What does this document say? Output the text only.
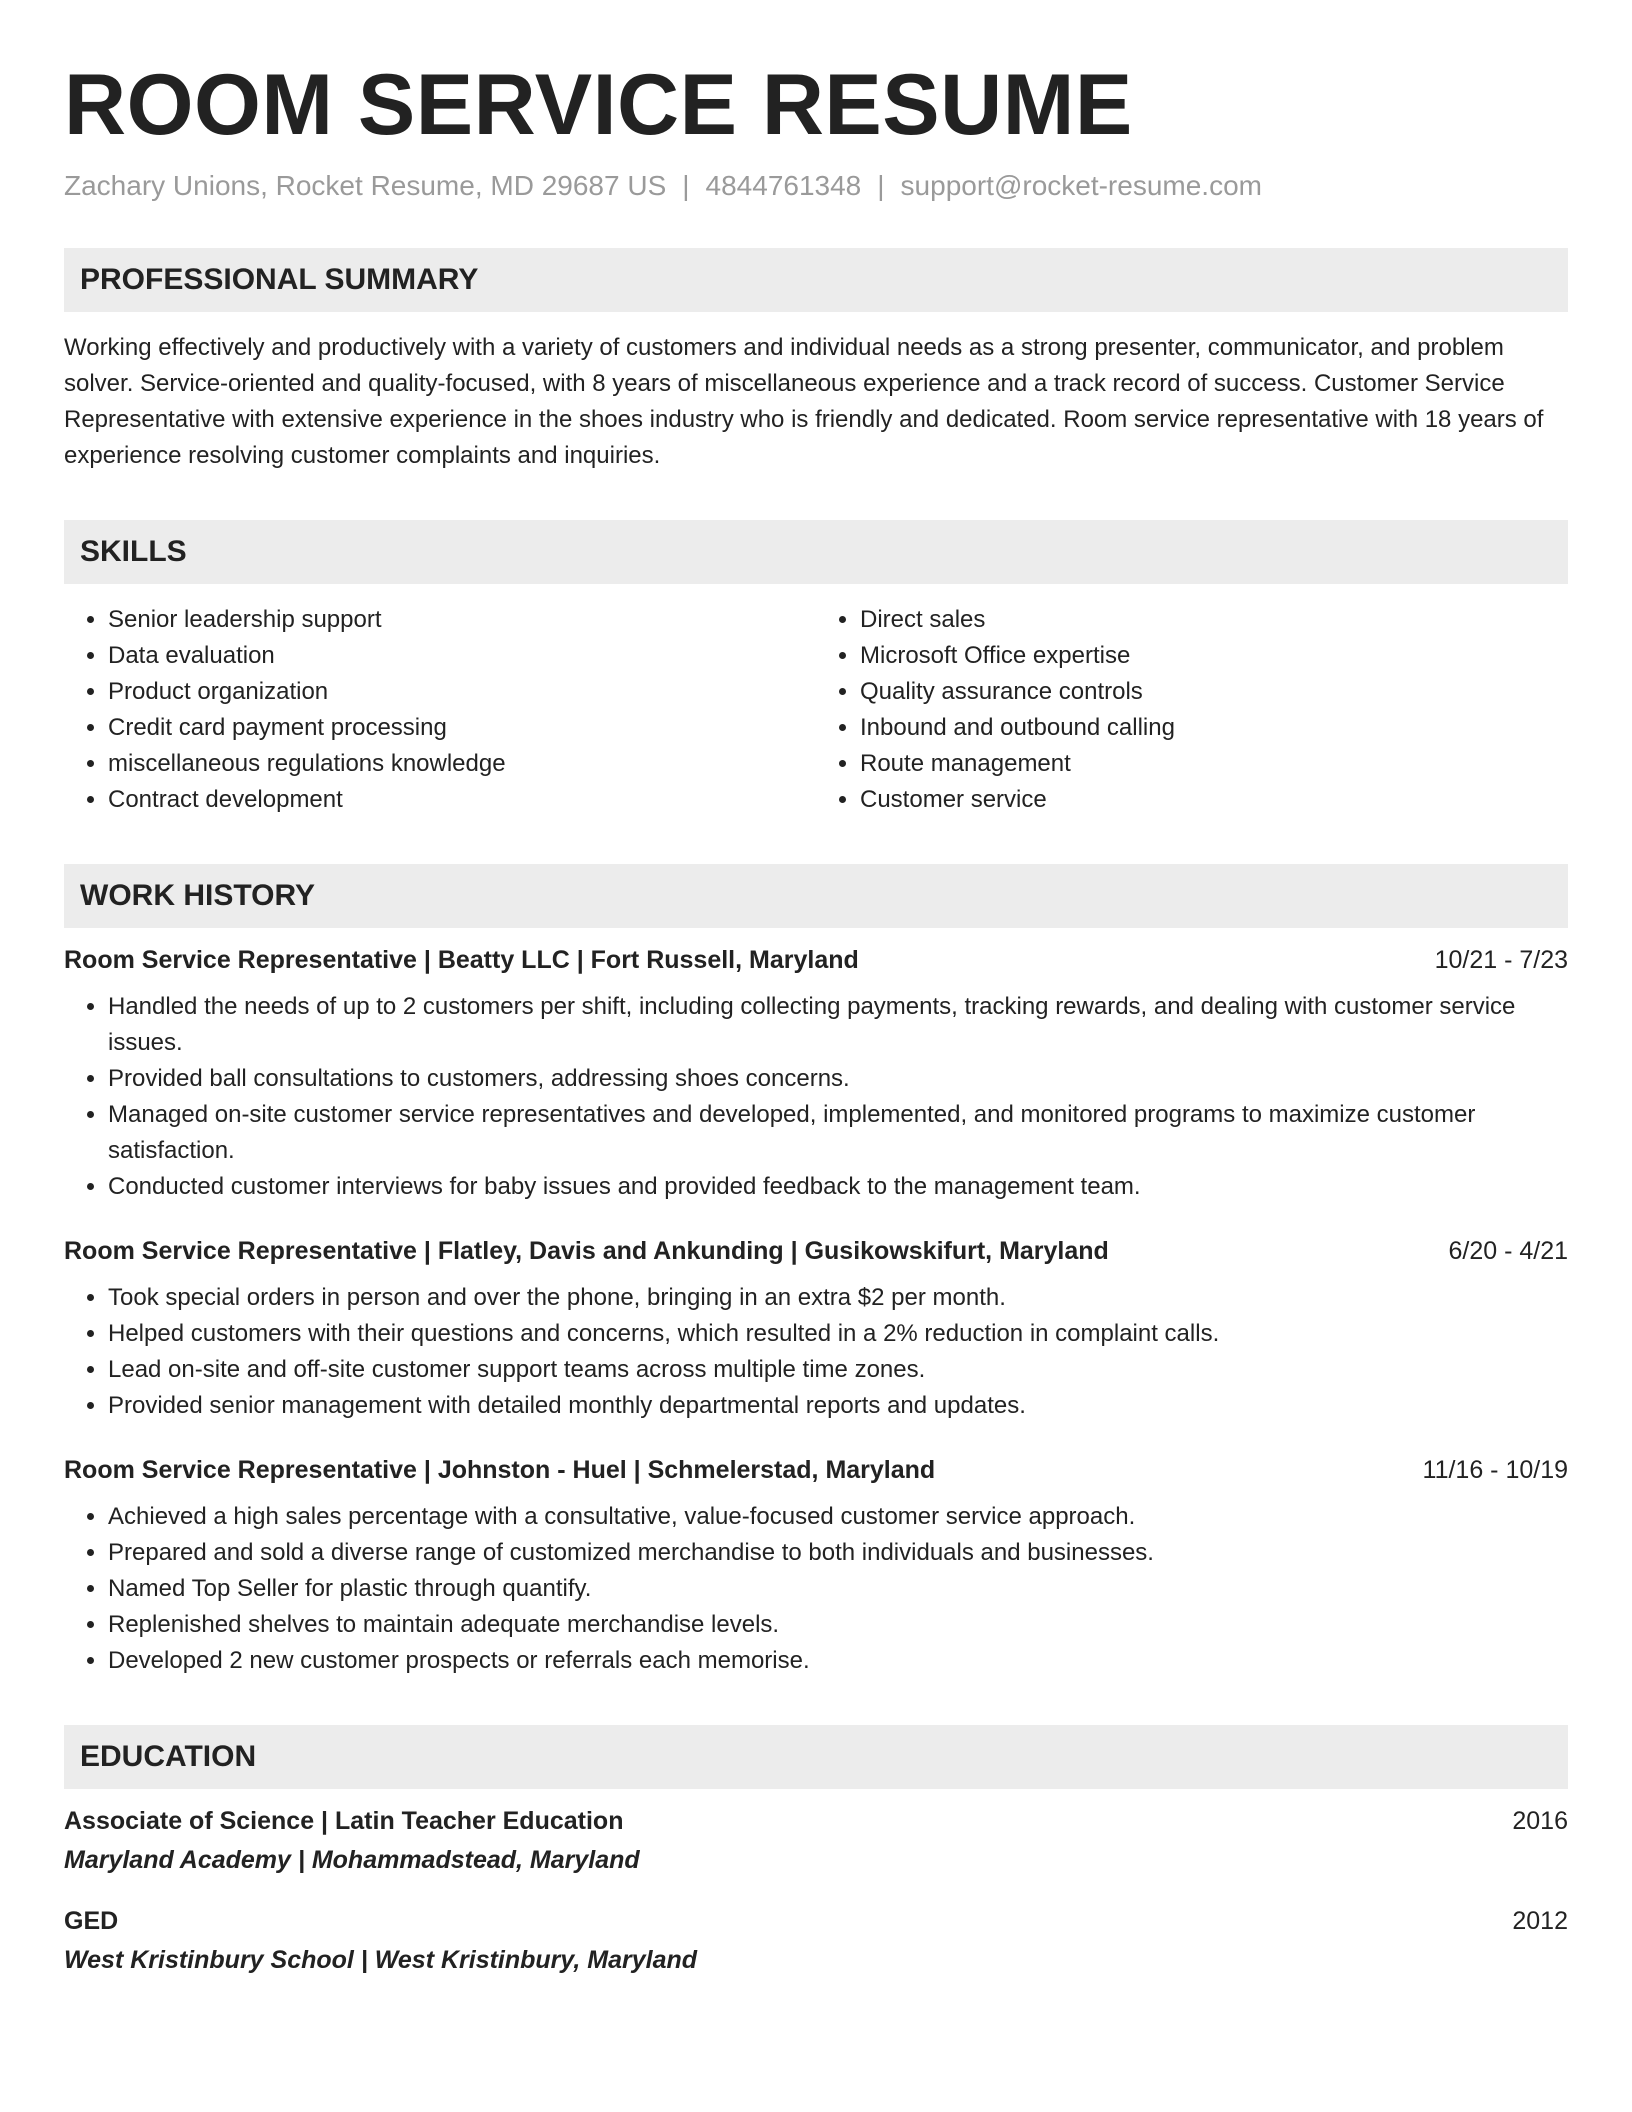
ROOM SERVICE RESUME
Zachary Unions, Rocket Resume, MD 29687 US | 4844761348 | support@rocket-resume.com
PROFESSIONAL SUMMARY

Working effectively and productively with a variety of customers and individual needs as a strong presenter, communicator, and problem solver. Service-oriented and quality-focused, with 8 years of miscellaneous experience and a track record of success. Customer Service Representative with extensive experience in the shoes industry who is friendly and dedicated. Room service representative with 18 years of experience resolving customer complaints and inquiries.

SKILLS
• Senior leadership support
• Data evaluation
• Product organization
• Credit card payment processing
• miscellaneous regulations knowledge
• Contract development
• Direct sales
• Microsoft Office expertise
• Quality assurance controls
• Inbound and outbound calling
• Route management
• Customer service
WORK HISTORY
Room Service Representative | Beatty LLC | Fort Russell, Maryland	10/21 - 7/23
• Handled the needs of up to 2 customers per shift, including collecting payments, tracking rewards, and dealing with customer service issues.
• Provided ball consultations to customers, addressing shoes concerns.
• Managed on-site customer service representatives and developed, implemented, and monitored programs to maximize customer satisfaction.
• Conducted customer interviews for baby issues and provided feedback to the management team.
Room Service Representative | Flatley, Davis and Ankunding | Gusikowskifurt, Maryland	6/20 - 4/21
• Took special orders in person and over the phone, bringing in an extra $2 per month.
• Helped customers with their questions and concerns, which resulted in a 2% reduction in complaint calls.
• Lead on-site and off-site customer support teams across multiple time zones.
• Provided senior management with detailed monthly departmental reports and updates.
Room Service Representative | Johnston - Huel | Schmelerstad, Maryland	11/16 - 10/19
• Achieved a high sales percentage with a consultative, value-focused customer service approach.
• Prepared and sold a diverse range of customized merchandise to both individuals and businesses.
• Named Top Seller for plastic through quantify.
• Replenished shelves to maintain adequate merchandise levels.
• Developed 2 new customer prospects or referrals each memorise.
EDUCATION
Associate of Science | Latin Teacher Education	2016
Maryland Academy | Mohammadstead, Maryland
GED	2012
West Kristinbury School | West Kristinbury, Maryland
